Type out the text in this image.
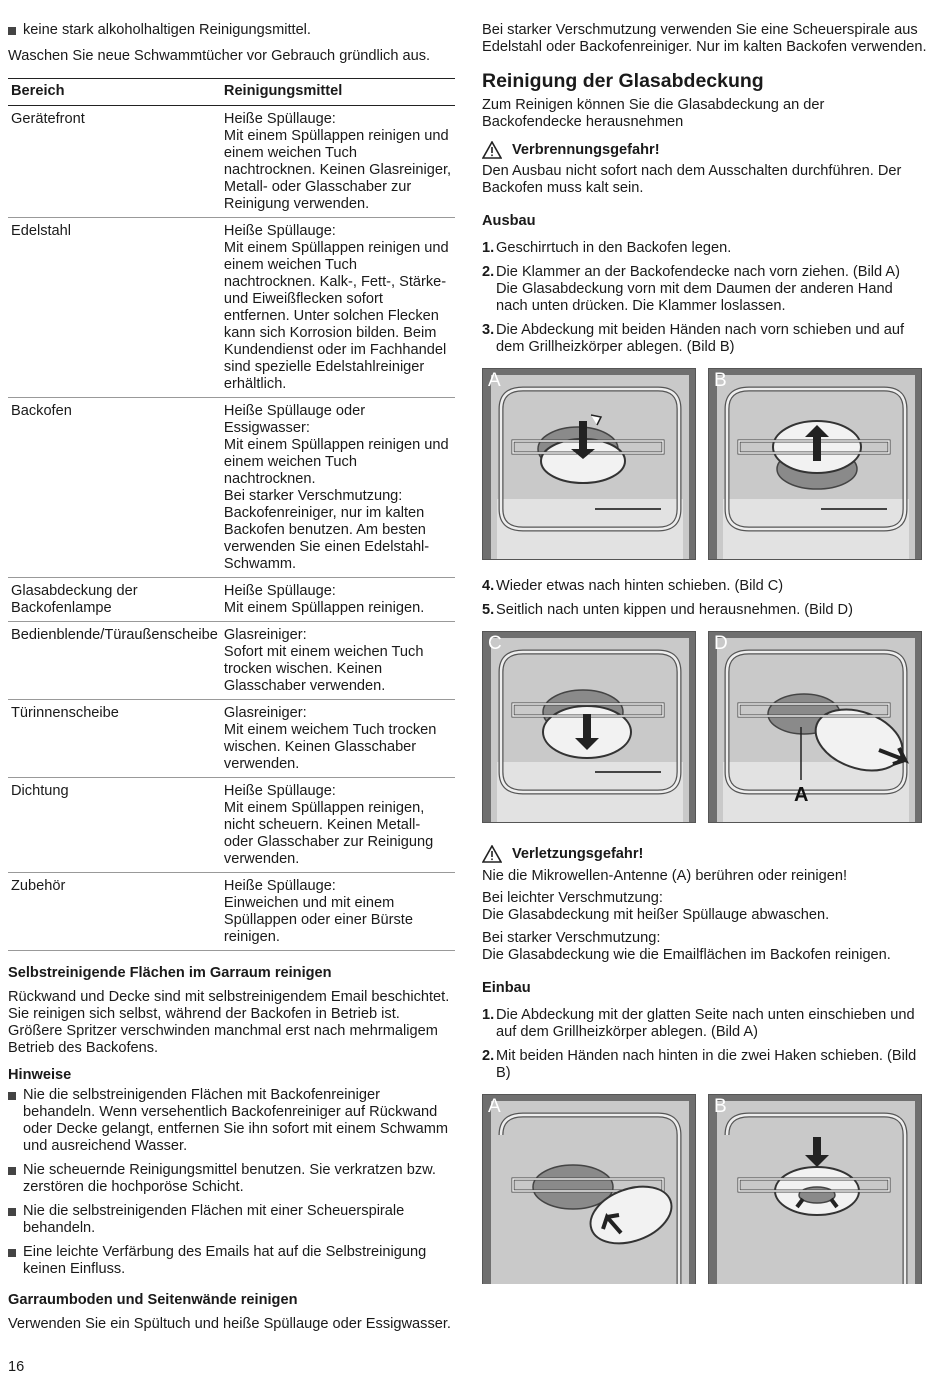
keine stark alkoholhaltigen Reinigungsmittel.

Waschen Sie neue Schwammtücher vor Gebrauch gründlich aus.

Bereich	Reinigungsmittel
Gerätefront	Heiße Spüllauge:
Mit einem Spüllappen reinigen und einem weichen Tuch nachtrocknen. Keinen Glasreiniger, Metall- oder Glasschaber zur Reinigung verwenden.
Edelstahl	Heiße Spüllauge:
Mit einem Spüllappen reinigen und einem weichen Tuch nachtrocknen. Kalk-, Fett-, Stärke- und Eiweißflecken sofort entfernen. Unter solchen Flecken kann sich Korrosion bilden. Beim Kundendienst oder im Fachhandel sind spezielle Edelstahlreiniger erhältlich.
Backofen	Heiße Spüllauge oder Essigwasser:
Mit einem Spüllappen reinigen und einem weichen Tuch nachtrocknen.
Bei starker Verschmutzung: Backofenreiniger, nur im kalten Backofen benutzen. Am besten verwenden Sie einen Edelstahl-Schwamm.
Glasabdeckung der Backofenlampe	Heiße Spüllauge:
Mit einem Spüllappen reinigen.
Bedienblende/Türaußenscheibe	Glasreiniger:
Sofort mit einem weichen Tuch trocken wischen. Keinen Glasschaber verwenden.
Türinnenscheibe	Glasreiniger:
Mit einem weichem Tuch trocken wischen. Keinen Glasschaber verwenden.
Dichtung	Heiße Spüllauge:
Mit einem Spüllappen reinigen, nicht scheuern. Keinen Metall- oder Glasschaber zur Reinigung verwenden.
Zubehör	Heiße Spüllauge:
Einweichen und mit einem Spüllappen oder einer Bürste reinigen.
Selbstreinigende Flächen im Garraum reinigen

Rückwand und Decke sind mit selbstreinigendem Email beschichtet. Sie reinigen sich selbst, während der Backofen in Betrieb ist. Größere Spritzer verschwinden manchmal erst nach mehrmaligem Betrieb des Backofens.

Hinweise
Nie die selbstreinigenden Flächen mit Backofenreiniger behandeln. Wenn versehentlich Backofenreiniger auf Rückwand oder Decke gelangt, entfernen Sie ihn sofort mit einem Schwamm und ausreichend Wasser.
Nie scheuernde Reinigungsmittel benutzen. Sie verkratzen bzw. zerstören die hochporöse Schicht.
Nie die selbstreinigenden Flächen mit einer Scheuerspirale behandeln.
Eine leichte Verfärbung des Emails hat auf die Selbstreinigung keinen Einfluss.
Garraumboden und Seitenwände reinigen

Verwenden Sie ein Spültuch und heiße Spüllauge oder Essigwasser.

Bei starker Verschmutzung verwenden Sie eine Scheuerspirale aus Edelstahl oder Backofenreiniger. Nur im kalten Backofen verwenden.

Reinigung der Glasabdeckung

Zum Reinigen können Sie die Glasabdeckung an der Backofendecke herausnehmen

Verbrennungsgefahr!

Den Ausbau nicht sofort nach dem Ausschalten durchführen. Der Backofen muss kalt sein.

Ausbau
1. Geschirrtuch in den Backofen legen.
2. Die Klammer an der Backofendecke nach vorn ziehen. (Bild A)
Die Glasabdeckung vorn mit dem Daumen der anderen Hand nach unten drücken. Die Klammer loslassen.
3. Die Abdeckung mit beiden Händen nach vorn schieben und auf dem Grillheizkörper ablegen. (Bild B)
A	B
4. Wieder etwas nach hinten schieben. (Bild C)
5. Seitlich nach unten kippen und herausnehmen. (Bild D)
C	D
A
Verletzungsgefahr!

Nie die Mikrowellen-Antenne (A) berühren oder reinigen!

Bei leichter Verschmutzung:
Die Glasabdeckung mit heißer Spüllauge abwaschen.

Bei starker Verschmutzung:
Die Glasabdeckung wie die Emailflächen im Backofen reinigen.

Einbau
1. Die Abdeckung mit der glatten Seite nach unten einschieben und auf dem Grillheizkörper ablegen. (Bild A)
2. Mit beiden Händen nach hinten in die zwei Haken schieben. (Bild B)
A	B
16
